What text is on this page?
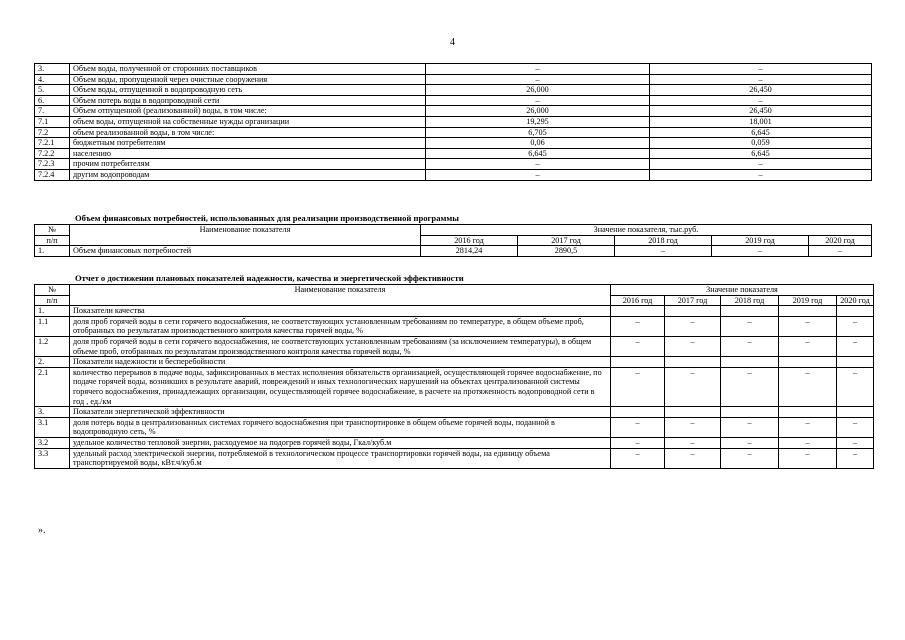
4
3.	Объем воды, полученной от сторонних поставщиков	–	–
4.	Объем воды, пропущенной через очистные сооружения	–	–
5.	Объем воды, отпущенной в водопроводную сеть	26,000	26,450
6.	Объем потерь воды в водопроводной сети	–	–
7.	Объем отпущенной (реализованной) воды, в том числе:	26,000	26,450
7.1	объем воды, отпущенной на собственные нужды организации	19,295	18,001
7.2	объем реализованной воды, в том числе:	6,705	6,645
7.2.1	бюджетным потребителям	0,06	0,059
7.2.2	населению	6,645	6,645
7.2.3	прочим потребителям	–	–
7.2.4	другим водопроводам	–	–
Объем финансовых потребностей, использованных для реализации производственной программы
№	Наименование показателя	Значение показателя, тыс.руб.				
п/п		2016 год	2017 год	2018 год	2019 год	2020 год
1.	Объем финансовых потребностей	2814,24	2890,5	–	–	–
Отчет о достижении плановых показателей надежности, качества и энергетической эффективности
№	Наименование показателя	Значение показателя				
п/п		2016 год	2017 год	2018 год	2019 год	2020 год
1.	Показатели качества					
1.1	доля проб горячей воды в сети горячего водоснабжения, не соответствующих установленным требованиям по температуре, в общем объеме проб, отобранных по результатам производственного контроля качества горячей воды, %	–	–	–	–	–
1.2	доля проб горячей воды в сети горячего водоснабжения, не соответствующих установленным требованиям (за исключением температуры), в общем объеме проб, отобранных по результатам производственного контроля качества горячей воды, %	–	–	–	–	–
2.	Показатели надежности и бесперебойности					
2.1	количество перерывов в подаче воды, зафиксированных в местах исполнения обязательств организацией, осуществляющей горячее водоснабжение, по подаче горячей воды, возникших в результате аварий, повреждений и иных технологических нарушений на объектах централизованной системы горячего водоснабжения, принадлежащих организации, осуществляющей горячее водоснабжение, в расчете на протяженность водопроводной сети в год , ед./км	–	–	–	–	–
3.	Показатели энергетической эффективности					
3.1	доля потерь воды в централизованных системах горячего водоснабжения при транспортировке в общем объеме горячей воды, поданной в водопроводную сеть, %	–	–	–	–	–
3.2	удельное количество тепловой энергии, расходуемое на подогрев горячей воды, Гкал/куб.м	–	–	–	–	–
3.3	удельный расход электрической энергии, потребляемой в технологическом процессе транспортировки горячей воды, на единицу объема транспортируемой воды, кВт.ч/куб.м	–	–	–	–	–
».
